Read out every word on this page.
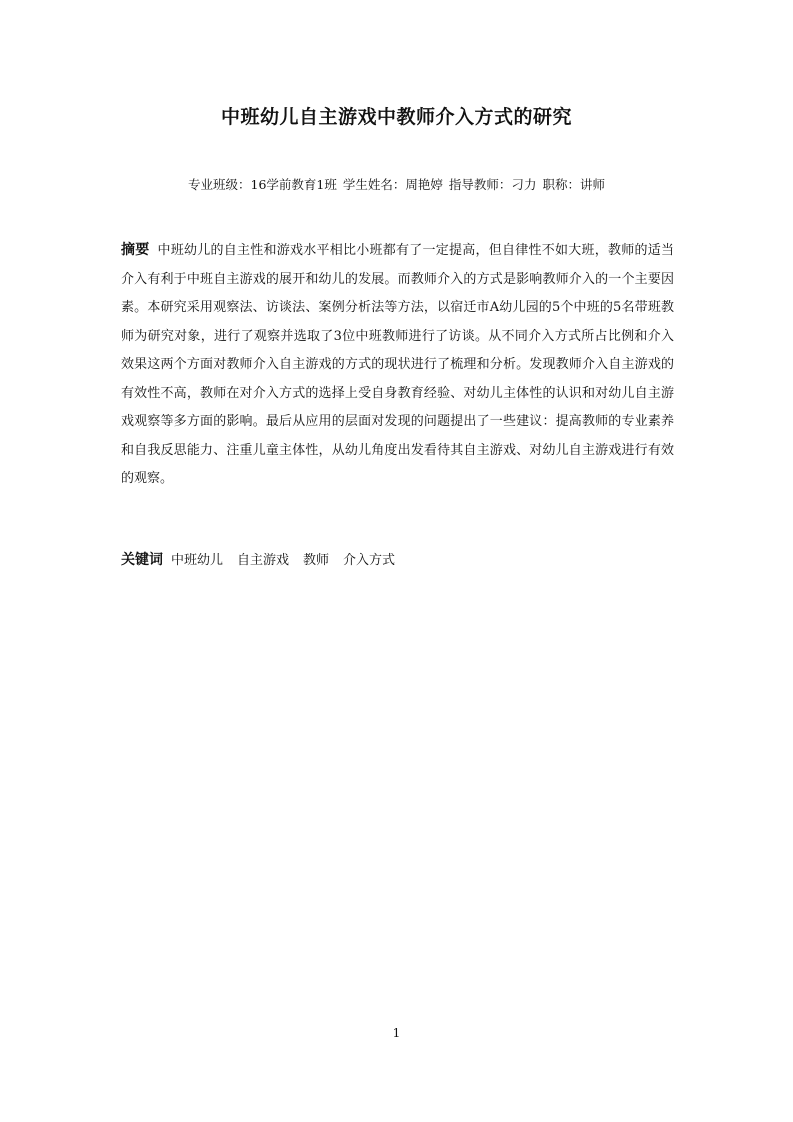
中班幼儿自主游戏中教师介入方式的研究
专业班级：16学前教育1班 学生姓名：周艳婷 指导教师：刁力 职称：讲师
摘要 中班幼儿的自主性和游戏水平相比小班都有了一定提高，但自律性不如大班，教师的适当介入有利于中班自主游戏的展开和幼儿的发展。而教师介入的方式是影响教师介入的一个主要因素。本研究采用观察法、访谈法、案例分析法等方法，以宿迁市A幼儿园的5个中班的5名带班教师为研究对象，进行了观察并选取了3位中班教师进行了访谈。从不同介入方式所占比例和介入效果这两个方面对教师介入自主游戏的方式的现状进行了梳理和分析。发现教师介入自主游戏的有效性不高，教师在对介入方式的选择上受自身教育经验、对幼儿主体性的认识和对幼儿自主游戏观察等多方面的影响。最后从应用的层面对发现的问题提出了一些建议：提高教师的专业素养和自我反思能力、注重儿童主体性，从幼儿角度出发看待其自主游戏、对幼儿自主游戏进行有效的观察。
关键词 中班幼儿 自主游戏 教师 介入方式
1
